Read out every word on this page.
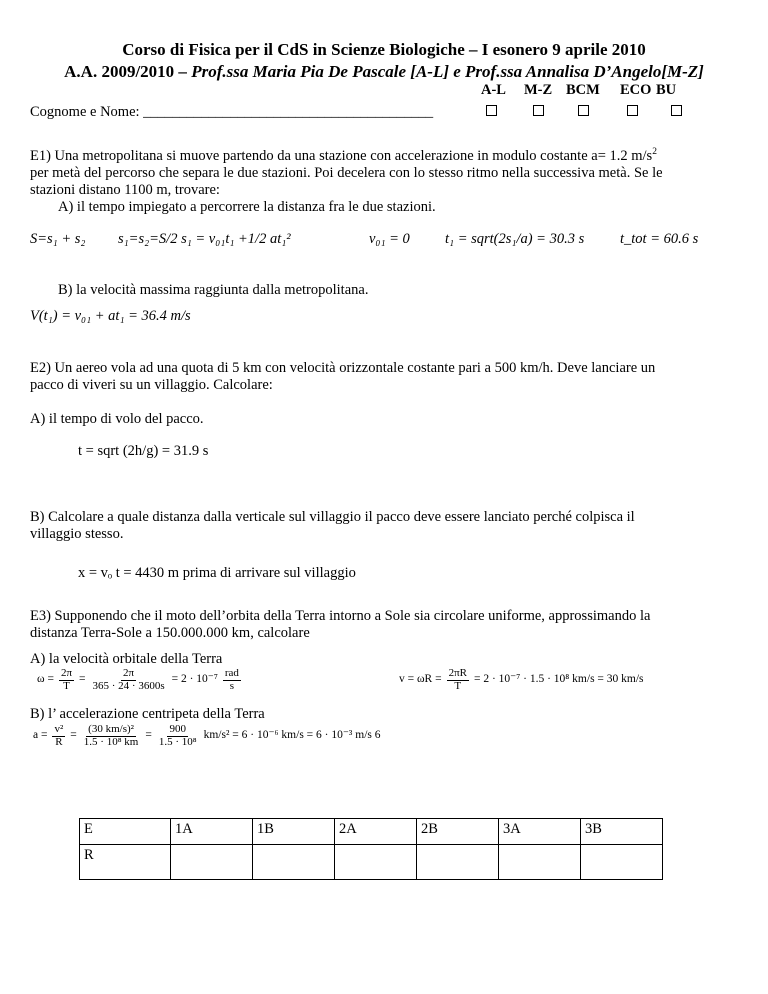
Corso di Fisica per il CdS in Scienze Biologiche – I esonero 9 aprile 2010
A.A. 2009/2010 – Prof.ssa Maria Pia De Pascale [A-L] e Prof.ssa Annalisa D’Angelo[M-Z]
A-L M-Z BCM ECO BU
Cognome e Nome: ________________________________________
E1) Una metropolitana si muove partendo da una stazione con accelerazione in modulo costante a= 1.2 $m/s^2$
per metà del percorso che separa le due stazioni. Poi decelera con lo stesso ritmo nella successiva metà. Se le
stazioni distano 1100 m, trovare:
A) il tempo impiegato a percorrere la distanza fra le due stazioni.
S=s₁ + s₂ s₁=s₂=S/2 s₁ = v₀₁t₁ +1/2 at₁²	v₀₁ = 0 t₁ = sqrt(2s₁/a) = 30.3 s t_tot = 60.6 s
B) la velocità massima raggiunta dalla metropolitana.
V(t₁) = v₀₁ + at₁ = 36.4 m/s
E2) Un aereo vola ad una quota di 5 km con velocità orizzontale costante pari a 500 km/h. Deve lanciare un
pacco di viveri su un villaggio. Calcolare:
A) il tempo di volo del pacco.
t = sqrt (2h/g) = 31.9 s
B) Calcolare a quale distanza dalla verticale sul villaggio il pacco deve essere lanciato perché colpisca il
villaggio stesso.
x = vₒ t = 4430 m prima di arrivare sul villaggio
E3) Supponendo che il moto dell’orbita della Terra intorno a Sole sia circolare uniforme, approssimando la
distanza Terra-Sole a 150.000.000 km, calcolare
A) la velocità orbitale della Terra
$\omega = \frac{2\pi}{T} = \frac{2\pi}{365 \cdot 24 \cdot 3600s} = 2 \cdot 10^{-7} \frac{\text{rad}}{s}$	$v = \omega R = \frac{2\pi R}{T} = 2 \cdot 10^{-7} \cdot 1.5 \cdot 10^8$ km/s = 30 km/s
B) l’ accelerazione centripeta della Terra
$a = \frac{\text{v²}}{R} = \frac{\text{(30 km/s)²}}{\text{1.5 · 10⁸ km}} = \frac{900}{\text{1.5 · 10⁸}} km/s^2 = 6 \cdot 10^{-6}$ km/s = 6 · 10⁻³ m/s 6
E	1A	1B	2A	2B	3A	3B
R						
